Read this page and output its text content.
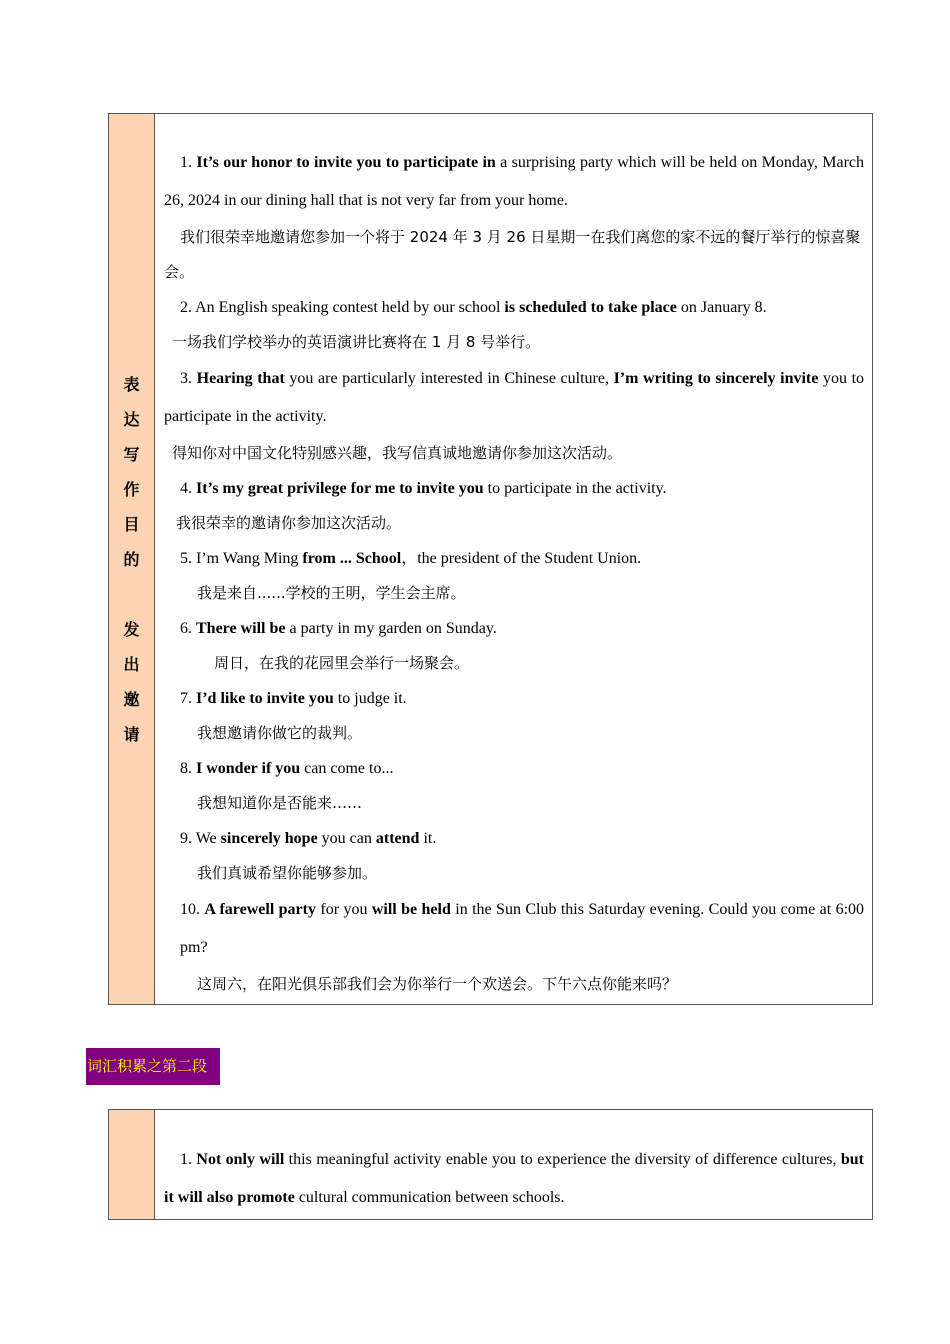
表
达
写
作
目
的
发
出
邀
请

1. It’s our honor to invite you to participate in a surprising party which will be held on Monday, March 26, 2024 in our dining hall that is not very far from your home.

我们很荣幸地邀请您参加一个将于 2024 年 3 月 26 日星期一在我们离您的家不远的餐厅举行的惊喜聚会。

2. An English speaking contest held by our school is scheduled to take place on January 8.

一场我们学校举办的英语演讲比赛将在 1 月 8 号举行。

3. Hearing that you are particularly interested in Chinese culture, I’m writing to sincerely invite you to participate in the activity.

得知你对中国文化特别感兴趣，我写信真诚地邀请你参加这次活动。

4. It’s my great privilege for me to invite you to participate in the activity.

我很荣幸的邀请你参加这次活动。

5. I’m Wang Ming from ... School，the president of the Student Union.

我是来自......学校的王明，学生会主席。

6. There will be a party in my garden on Sunday.

周日，在我的花园里会举行一场聚会。

7. I’d like to invite you to judge it.

我想邀请你做它的裁判。

8. I wonder if you can come to...

我想知道你是否能来……

9. We sincerely hope you can attend it.

我们真诚希望你能够参加。

10. A farewell party for you will be held in the Sun Club this Saturday evening. Could you come at 6:00 pm?

这周六，在阳光俱乐部我们会为你举行一个欢送会。下午六点你能来吗？

词汇积累之第二段

1. Not only will this meaningful activity enable you to experience the diversity of difference cultures, but it will also promote cultural communication between schools.
